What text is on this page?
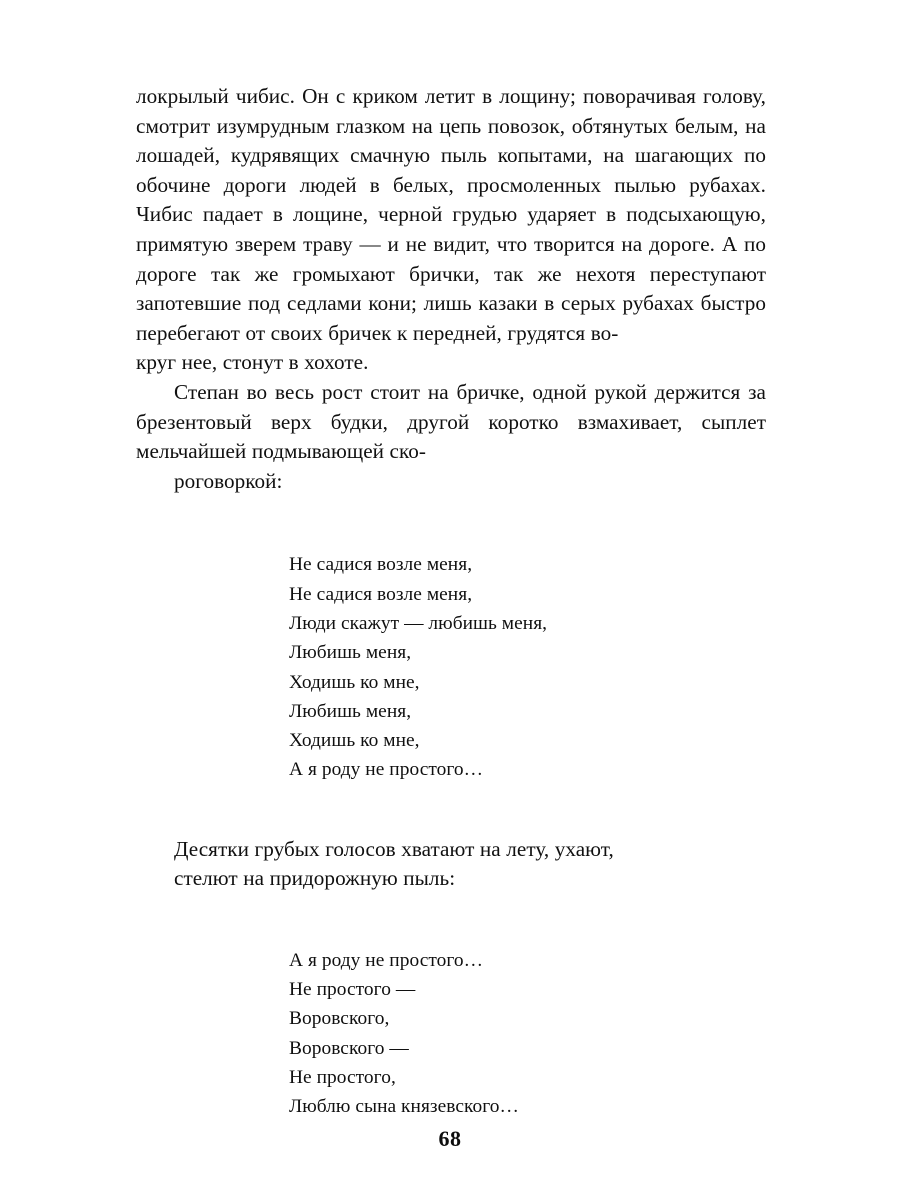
локрылый чибис. Он с криком летит в лощину; поворачивая голову, смотрит изумрудным глазком на цепь повозок, обтянутых белым, на лошадей, кудрявящих смачную пыль копытами, на шагающих по обочине дороги людей в белых, просмоленных пылью рубахах. Чибис падает в лощине, черной грудью ударяет в подсыхающую, примятую зверем траву — и не видит, что творится на дороге. А по дороге так же громыхают брички, так же нехотя переступают запотевшие под седлами кони; лишь казаки в серых рубахах быстро перебегают от своих бричек к передней, грудятся во-
круг нее, стонут в хохоте.

Степан во весь рост стоит на бричке, одной рукой держится за брезентовый верх будки, другой коротко взмахивает, сыплет мельчайшей подмывающей ско-
роговоркой:

Не садися возле меня,
Не садися возле меня,
Люди скажут — любишь меня,
Любишь меня,
Ходишь ко мне,
Любишь меня,
Ходишь ко мне,
А я роду не простого…

Десятки грубых голосов хватают на лету, ухают,
стелют на придорожную пыль:

А я роду не простого…
Не простого —
Воровского,
Воровского —
Не простого,
Люблю сына князевского…
68
